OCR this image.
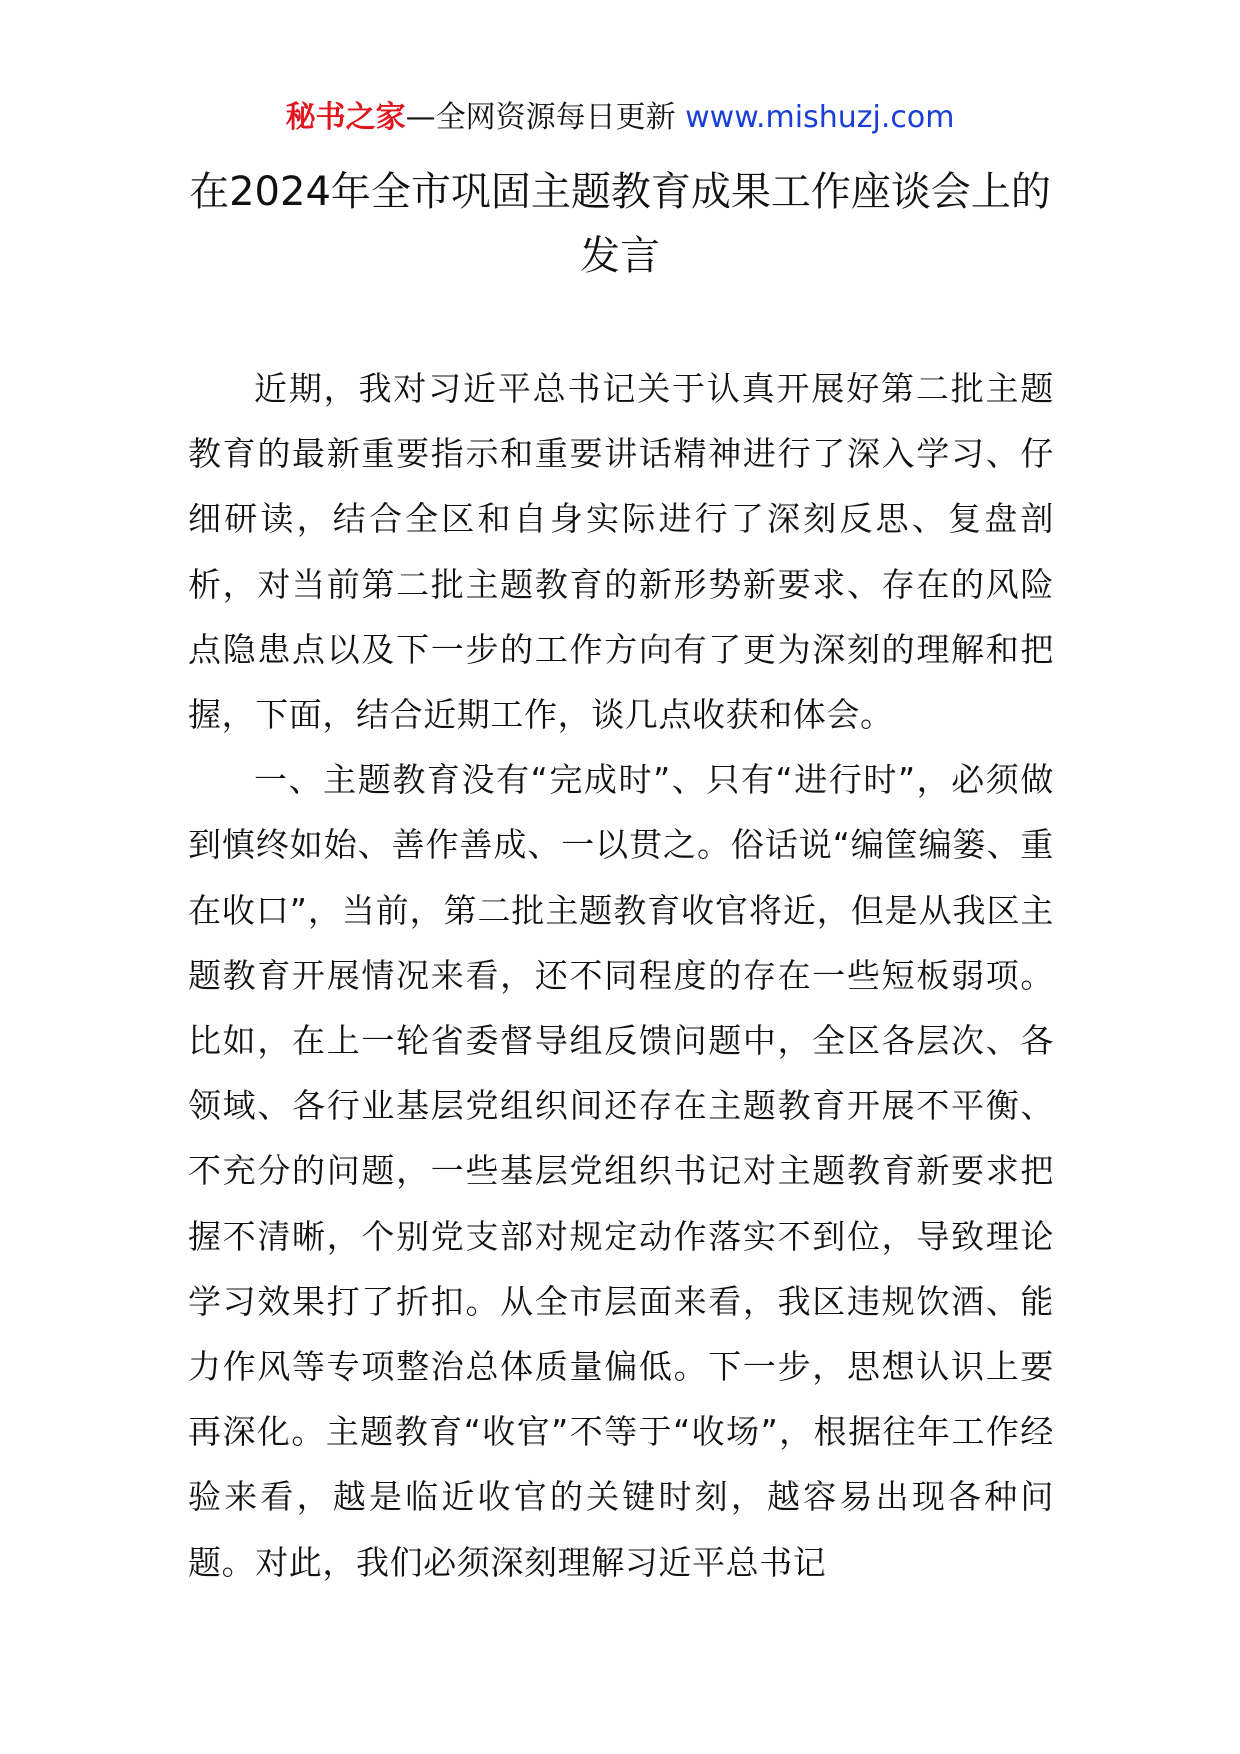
秘书之家—全网资源每日更新 www.mishuzj.com
在2024年全市巩固主题教育成果工作座谈会上的发言

近期，我对习近平总书记关于认真开展好第二批主题教育的最新重要指示和重要讲话精神进行了深入学习、仔细研读，结合全区和自身实际进行了深刻反思、复盘剖析，对当前第二批主题教育的新形势新要求、存在的风险点隐患点以及下一步的工作方向有了更为深刻的理解和把握，下面，结合近期工作，谈几点收获和体会。

一、主题教育没有“完成时”、只有“进行时”，必须做到慎终如始、善作善成、一以贯之。俗话说“编筐编篓、重在收口”，当前，第二批主题教育收官将近，但是从我区主题教育开展情况来看，还不同程度的存在一些短板弱项。比如，在上一轮省委督导组反馈问题中，全区各层次、各领域、各行业基层党组织间还存在主题教育开展不平衡、不充分的问题，一些基层党组织书记对主题教育新要求把握不清晰，个别党支部对规定动作落实不到位，导致理论学习效果打了折扣。从全市层面来看，我区违规饮酒、能力作风等专项整治总体质量偏低。下一步，思想认识上要再深化。主题教育“收官”不等于“收场”，根据往年工作经验来看，越是临近收官的关键时刻，越容易出现各种问题。对此，我们必须深刻理解习近平总书记
